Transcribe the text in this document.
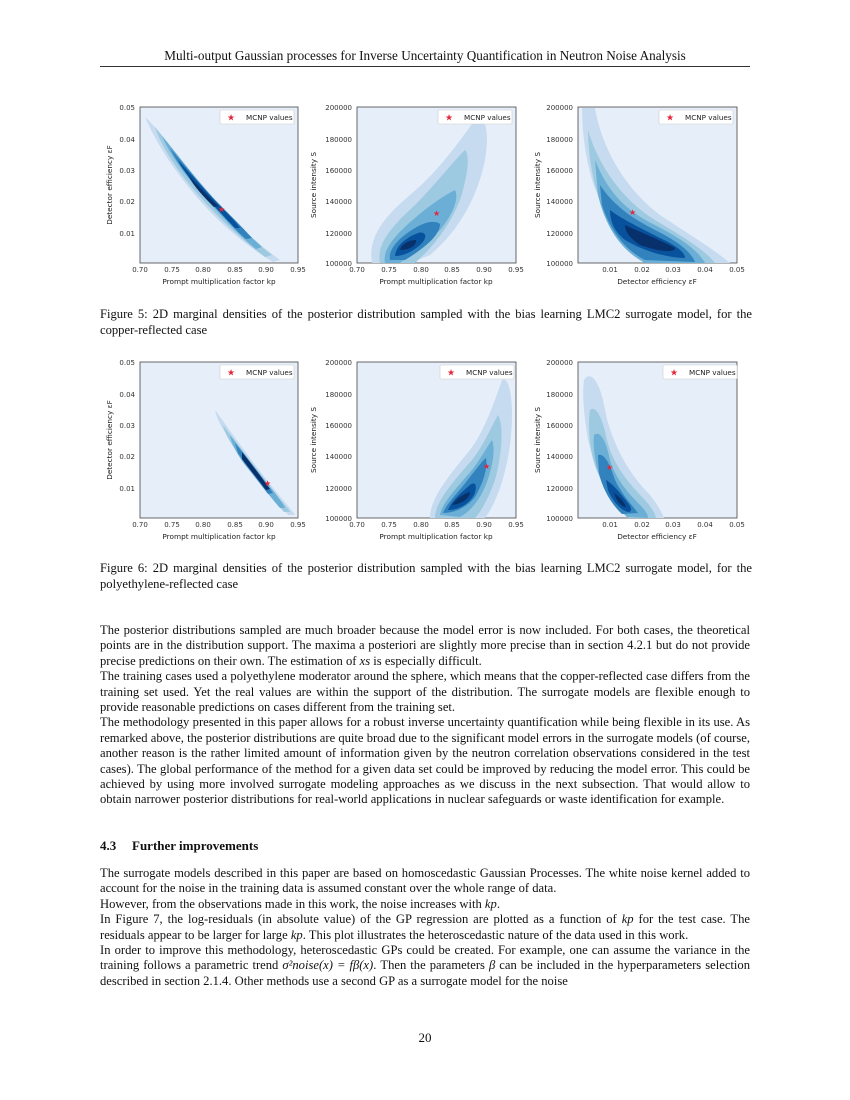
Multi-output Gaussian processes for Inverse Uncertainty Quantification in Neutron Noise Analysis
★
★
MCNP values
0.05
0.04
0.03
0.02
0.01
0.70 0.75 0.80 0.85 0.90 0.95
Prompt multiplication factor kp
Detector efficiency εF	★
MCNP values
200000
180000
160000
140000
120000
100000
0.70 0.75 0.80 0.85 0.90 0.95
Prompt multiplication factor kp
Source intensity S	★
MCNP values
200000
180000
160000
140000
120000
100000
0.01 0.02 0.03 0.04 0.05
Detector efficiency εF
Source intensity S
Figure 5: 2D marginal densities of the posterior distribution sampled with the bias learning LMC2 surrogate model, for the copper-reflected case
★
★
MCNP values
0.05
0.04
0.03
0.02
0.01
0.70 0.75 0.80 0.85 0.90 0.95
Prompt multiplication factor kp
Detector efficiency εF	★
MCNP values
200000
180000
160000
140000
120000
100000
0.70 0.75 0.80 0.85 0.90 0.95
Prompt multiplication factor kp
Source intensity S	★
MCNP values
200000
180000
160000
140000
120000
100000
0.01 0.02 0.03 0.04 0.05
Detector efficiency εF
Source intensity S
Figure 6: 2D marginal densities of the posterior distribution sampled with the bias learning LMC2 surrogate model, for the polyethylene-reflected case

The posterior distributions sampled are much broader because the model error is now included. For both cases, the theoretical points are in the distribution support. The maxima a posteriori are slightly more precise than in section 4.2.1 but do not provide precise predictions on their own. The estimation of xs is especially difficult.

The training cases used a polyethylene moderator around the sphere, which means that the copper-reflected case differs from the training set used. Yet the real values are within the support of the distribution. The surrogate models are flexible enough to provide reasonable predictions on cases different from the training set.

The methodology presented in this paper allows for a robust inverse uncertainty quantification while being flexible in its use. As remarked above, the posterior distributions are quite broad due to the significant model errors in the surrogate models (of course, another reason is the rather limited amount of information given by the neutron correlation observations considered in the test cases). The global performance of the method for a given data set could be improved by reducing the model error. This could be achieved by using more involved surrogate modeling approaches as we discuss in the next subsection. That would allow to obtain narrower posterior distributions for real-world applications in nuclear safeguards or waste identification for example.

4.3 Further improvements

The surrogate models described in this paper are based on homoscedastic Gaussian Processes. The white noise kernel added to account for the noise in the training data is assumed constant over the whole range of data.

However, from the observations made in this work, the noise increases with kp.

In Figure 7, the log-residuals (in absolute value) of the GP regression are plotted as a function of kp for the test case. The residuals appear to be larger for large kp. This plot illustrates the heteroscedastic nature of the data used in this work.

In order to improve this methodology, heteroscedastic GPs could be created. For example, one can assume the variance in the training follows a parametric trend σ²noise(x) = fβ(x). Then the parameters β can be included in the hyperparameters selection described in section 2.1.4. Other methods use a second GP as a surrogate model for the noise

20
